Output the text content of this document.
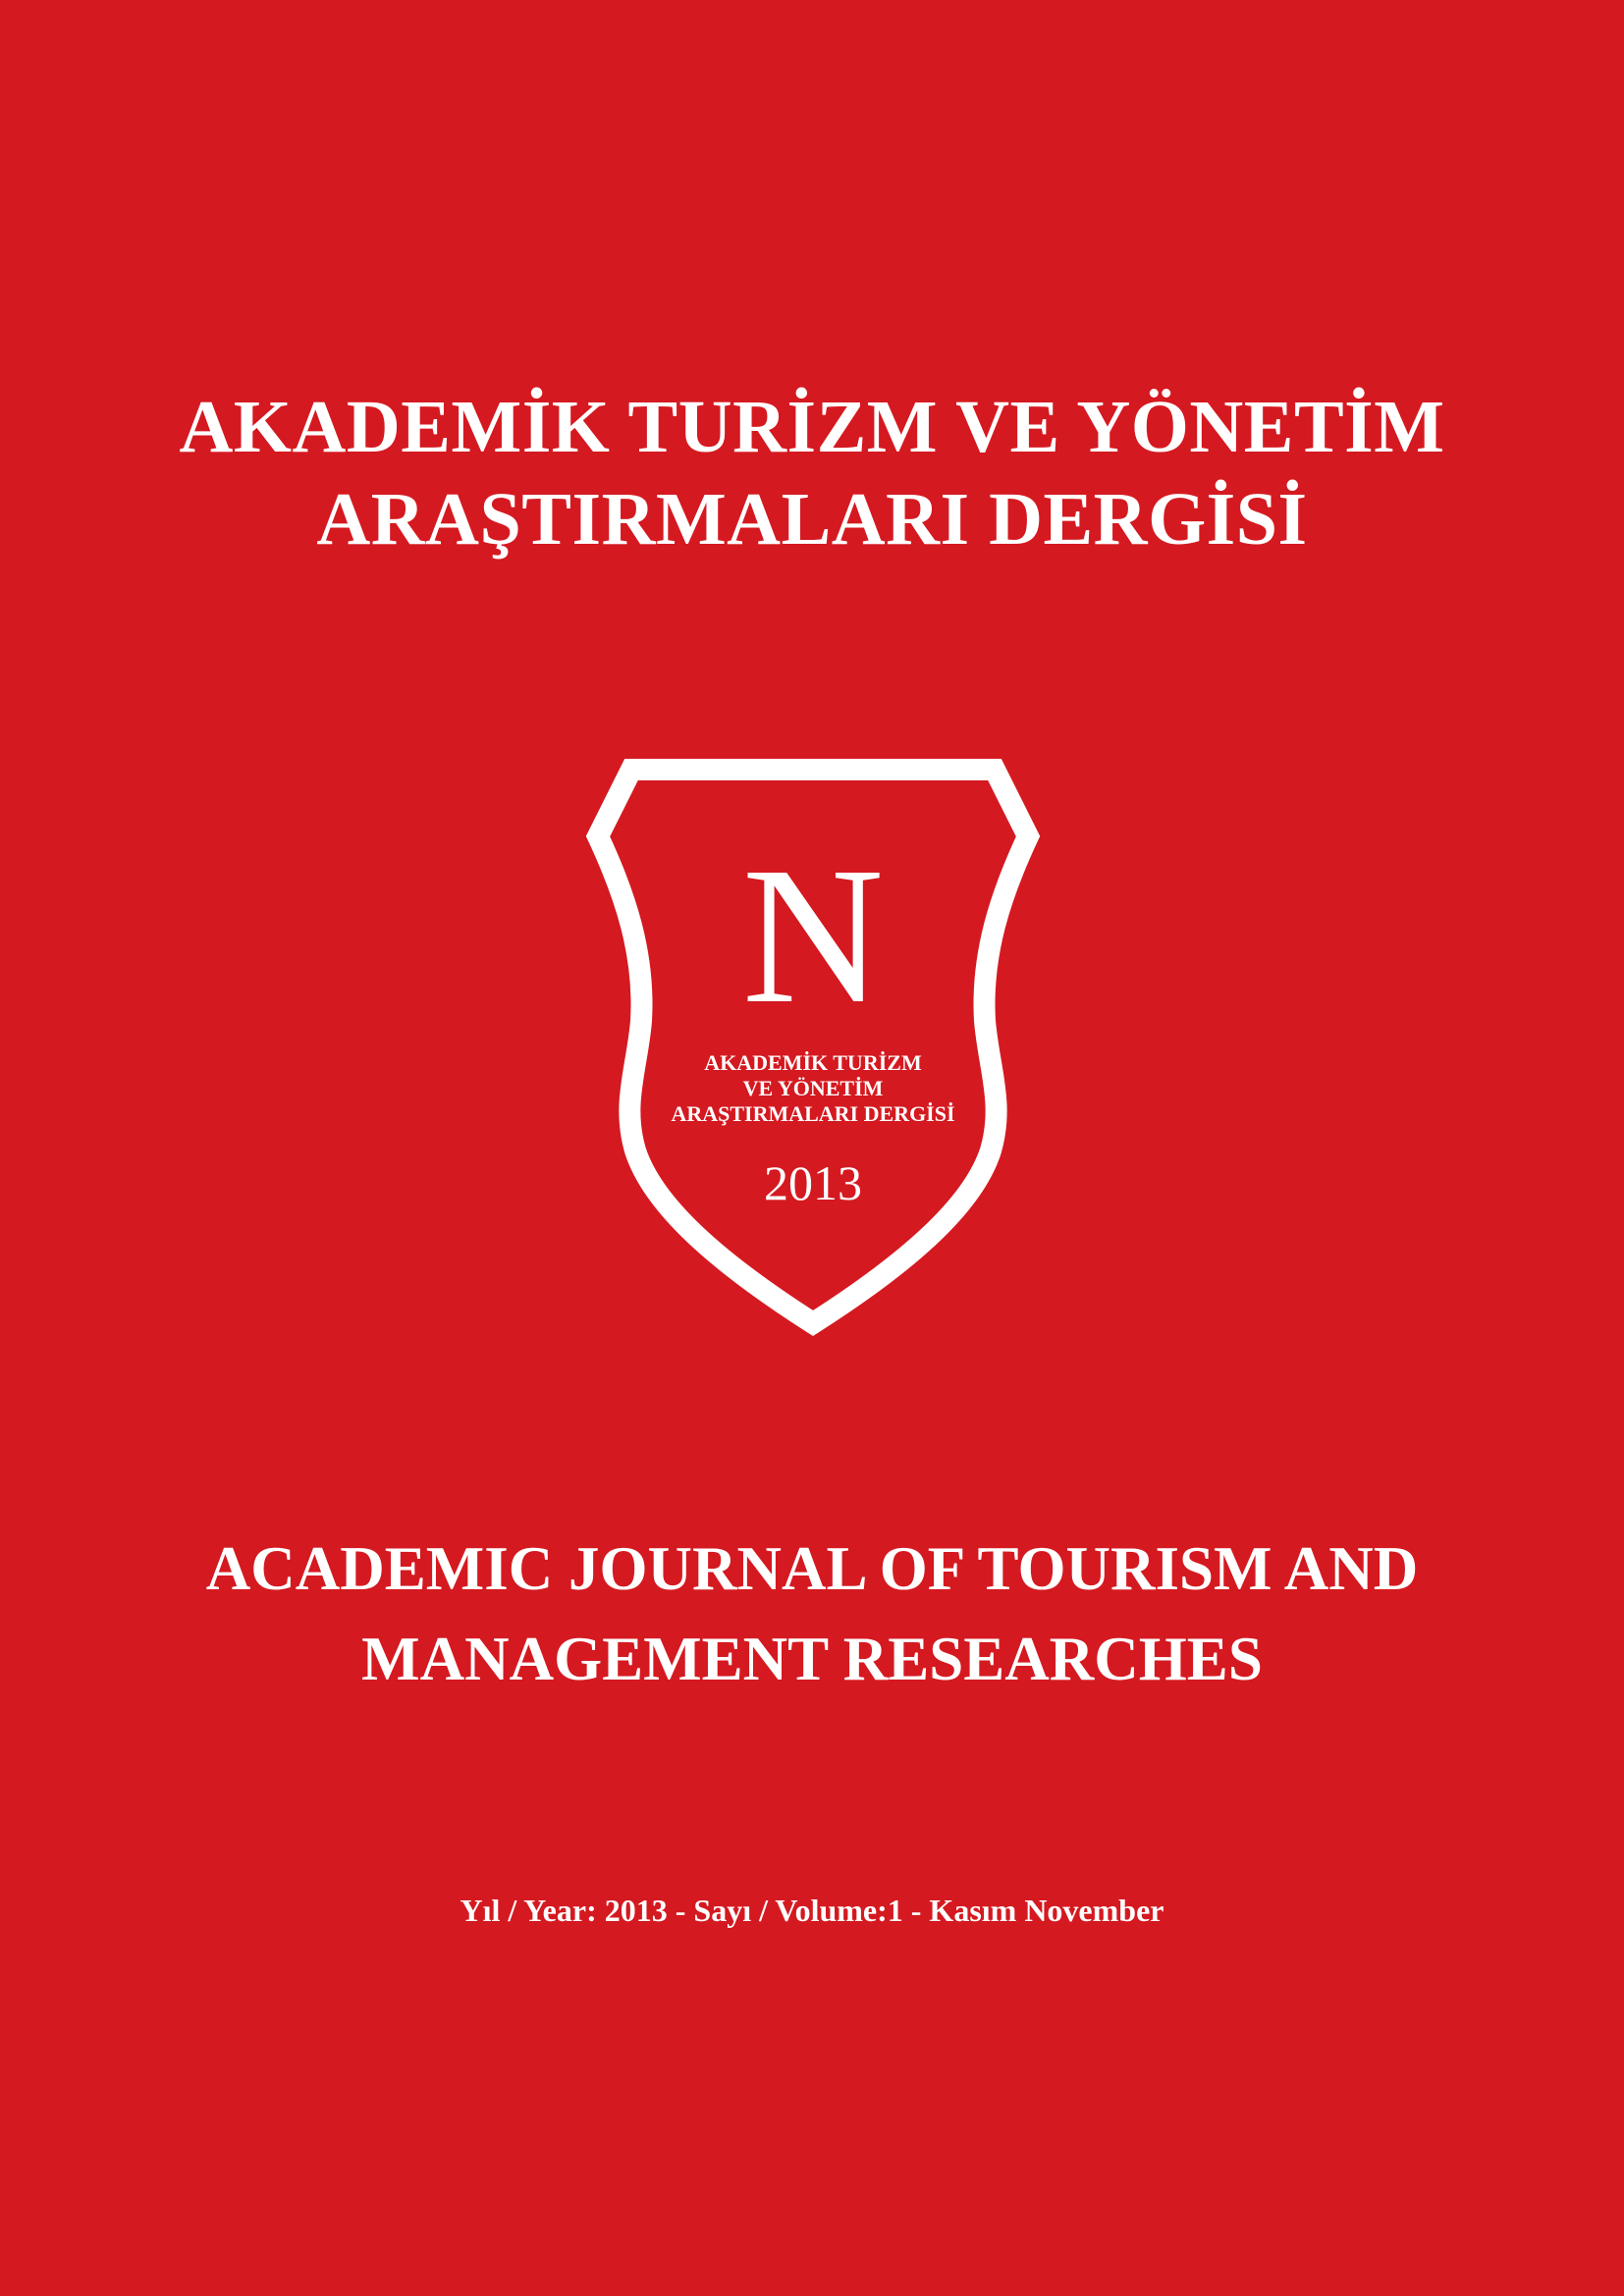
AKADEMİK TURİZM VE YÖNETİM
ARAŞTIRMALARI DERGİSİ
N
AKADEMİK TURİZM
VE YÖNETİM
ARAŞTIRMALARI DERGİSİ
2013
ACADEMIC JOURNAL OF TOURISM AND
MANAGEMENT RESEARCHES
Yıl / Year: 2013 - Sayı / Volume:1 - Kasım November
